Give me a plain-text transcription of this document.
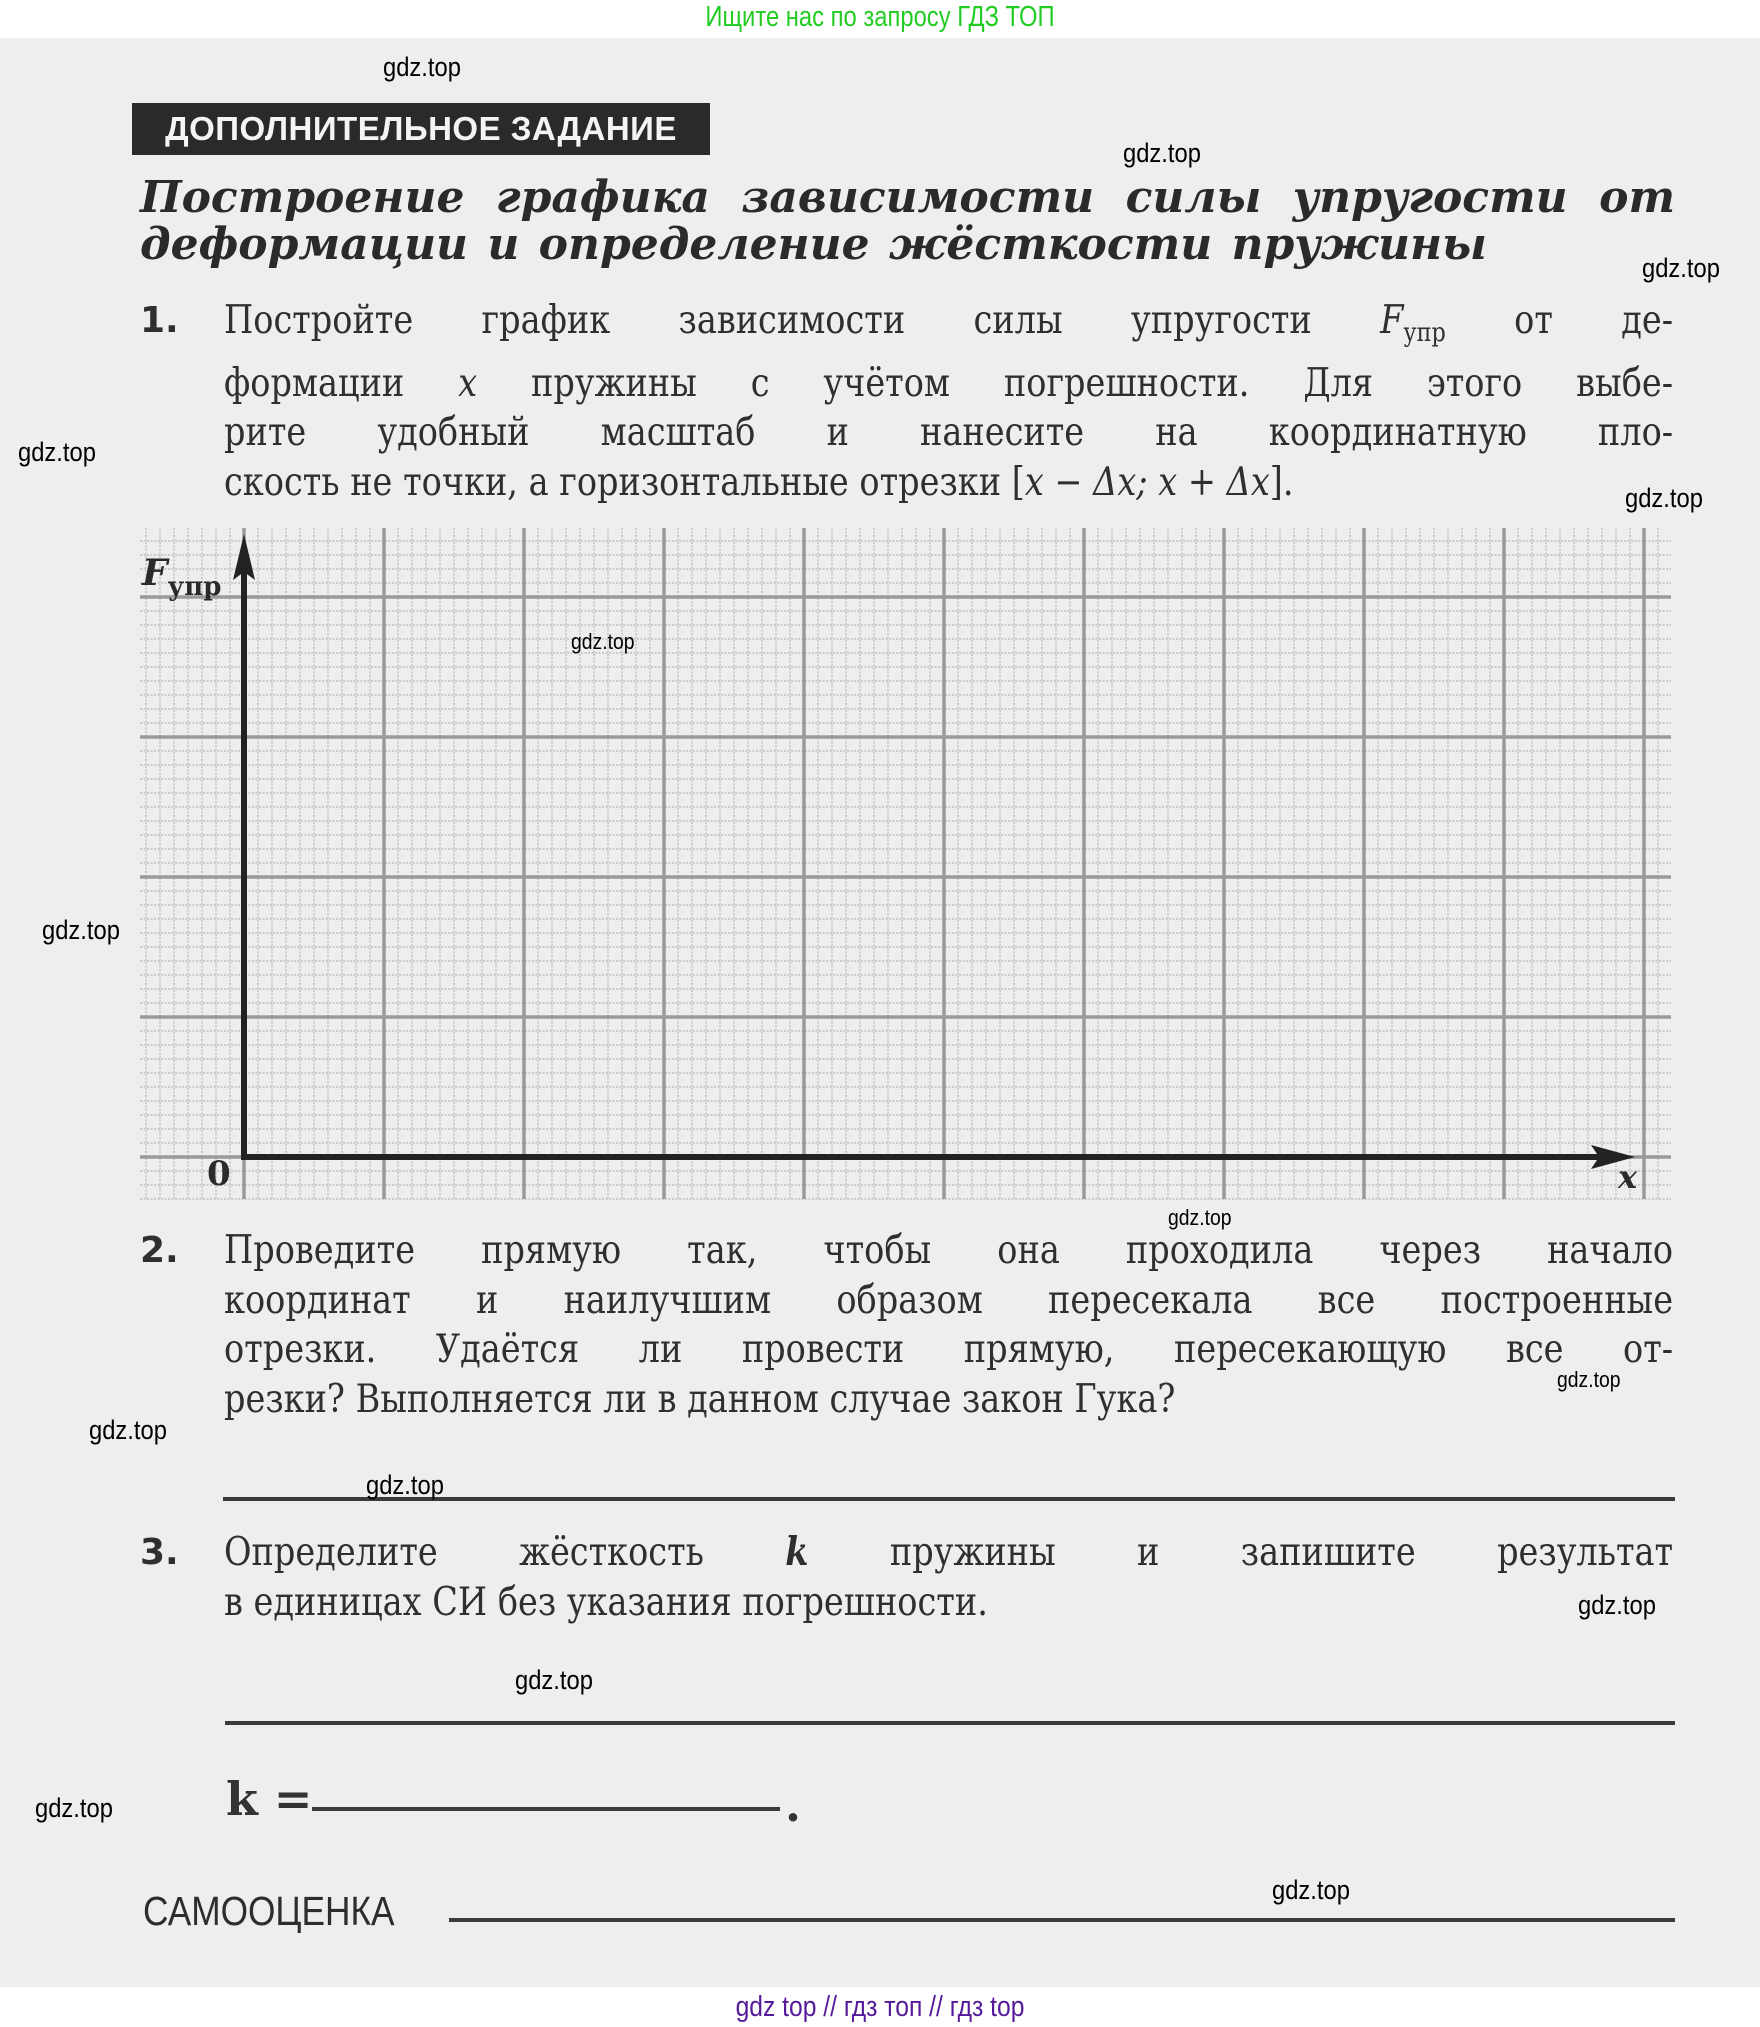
Ищите нас по запросу ГДЗ ТОП
ДОПОЛНИТЕЛЬНОЕ ЗАДАНИЕ
Построение графика зависимости силы упругости от
деформации и определение жёсткости пружины
1. Постройте график зависимости силы упругости $F_{упр}$ от де-
формации x пружины с учётом погрешности. Для этого выбе-
рите удобный масштаб и нанесите на координатную пло-
скость не точки, а горизонтальные отрезки [x − Δx; x + Δx].
$F_{упр}$
0	x
2. Проведите прямую так, чтобы она проходила через начало
координат и наилучшим образом пересекала все построенные
отрезки. Удаётся ли провести прямую, пересекающую все от-
резки? Выполняется ли в данном случае закон Гука?
3. Определите жёсткость k пружины и запишите результат
в единицах СИ без указания погрешности.
k =	.
САМООЦЕНКА
gdz.top
gdz.top
gdz.top
gdz.top
gdz.top
gdz.top
gdz.top
gdz.top
gdz.top
gdz.top
gdz.top
gdz.top
gdz.top
gdz.top
gdz.top
gdz top // гдз топ // гдз top
